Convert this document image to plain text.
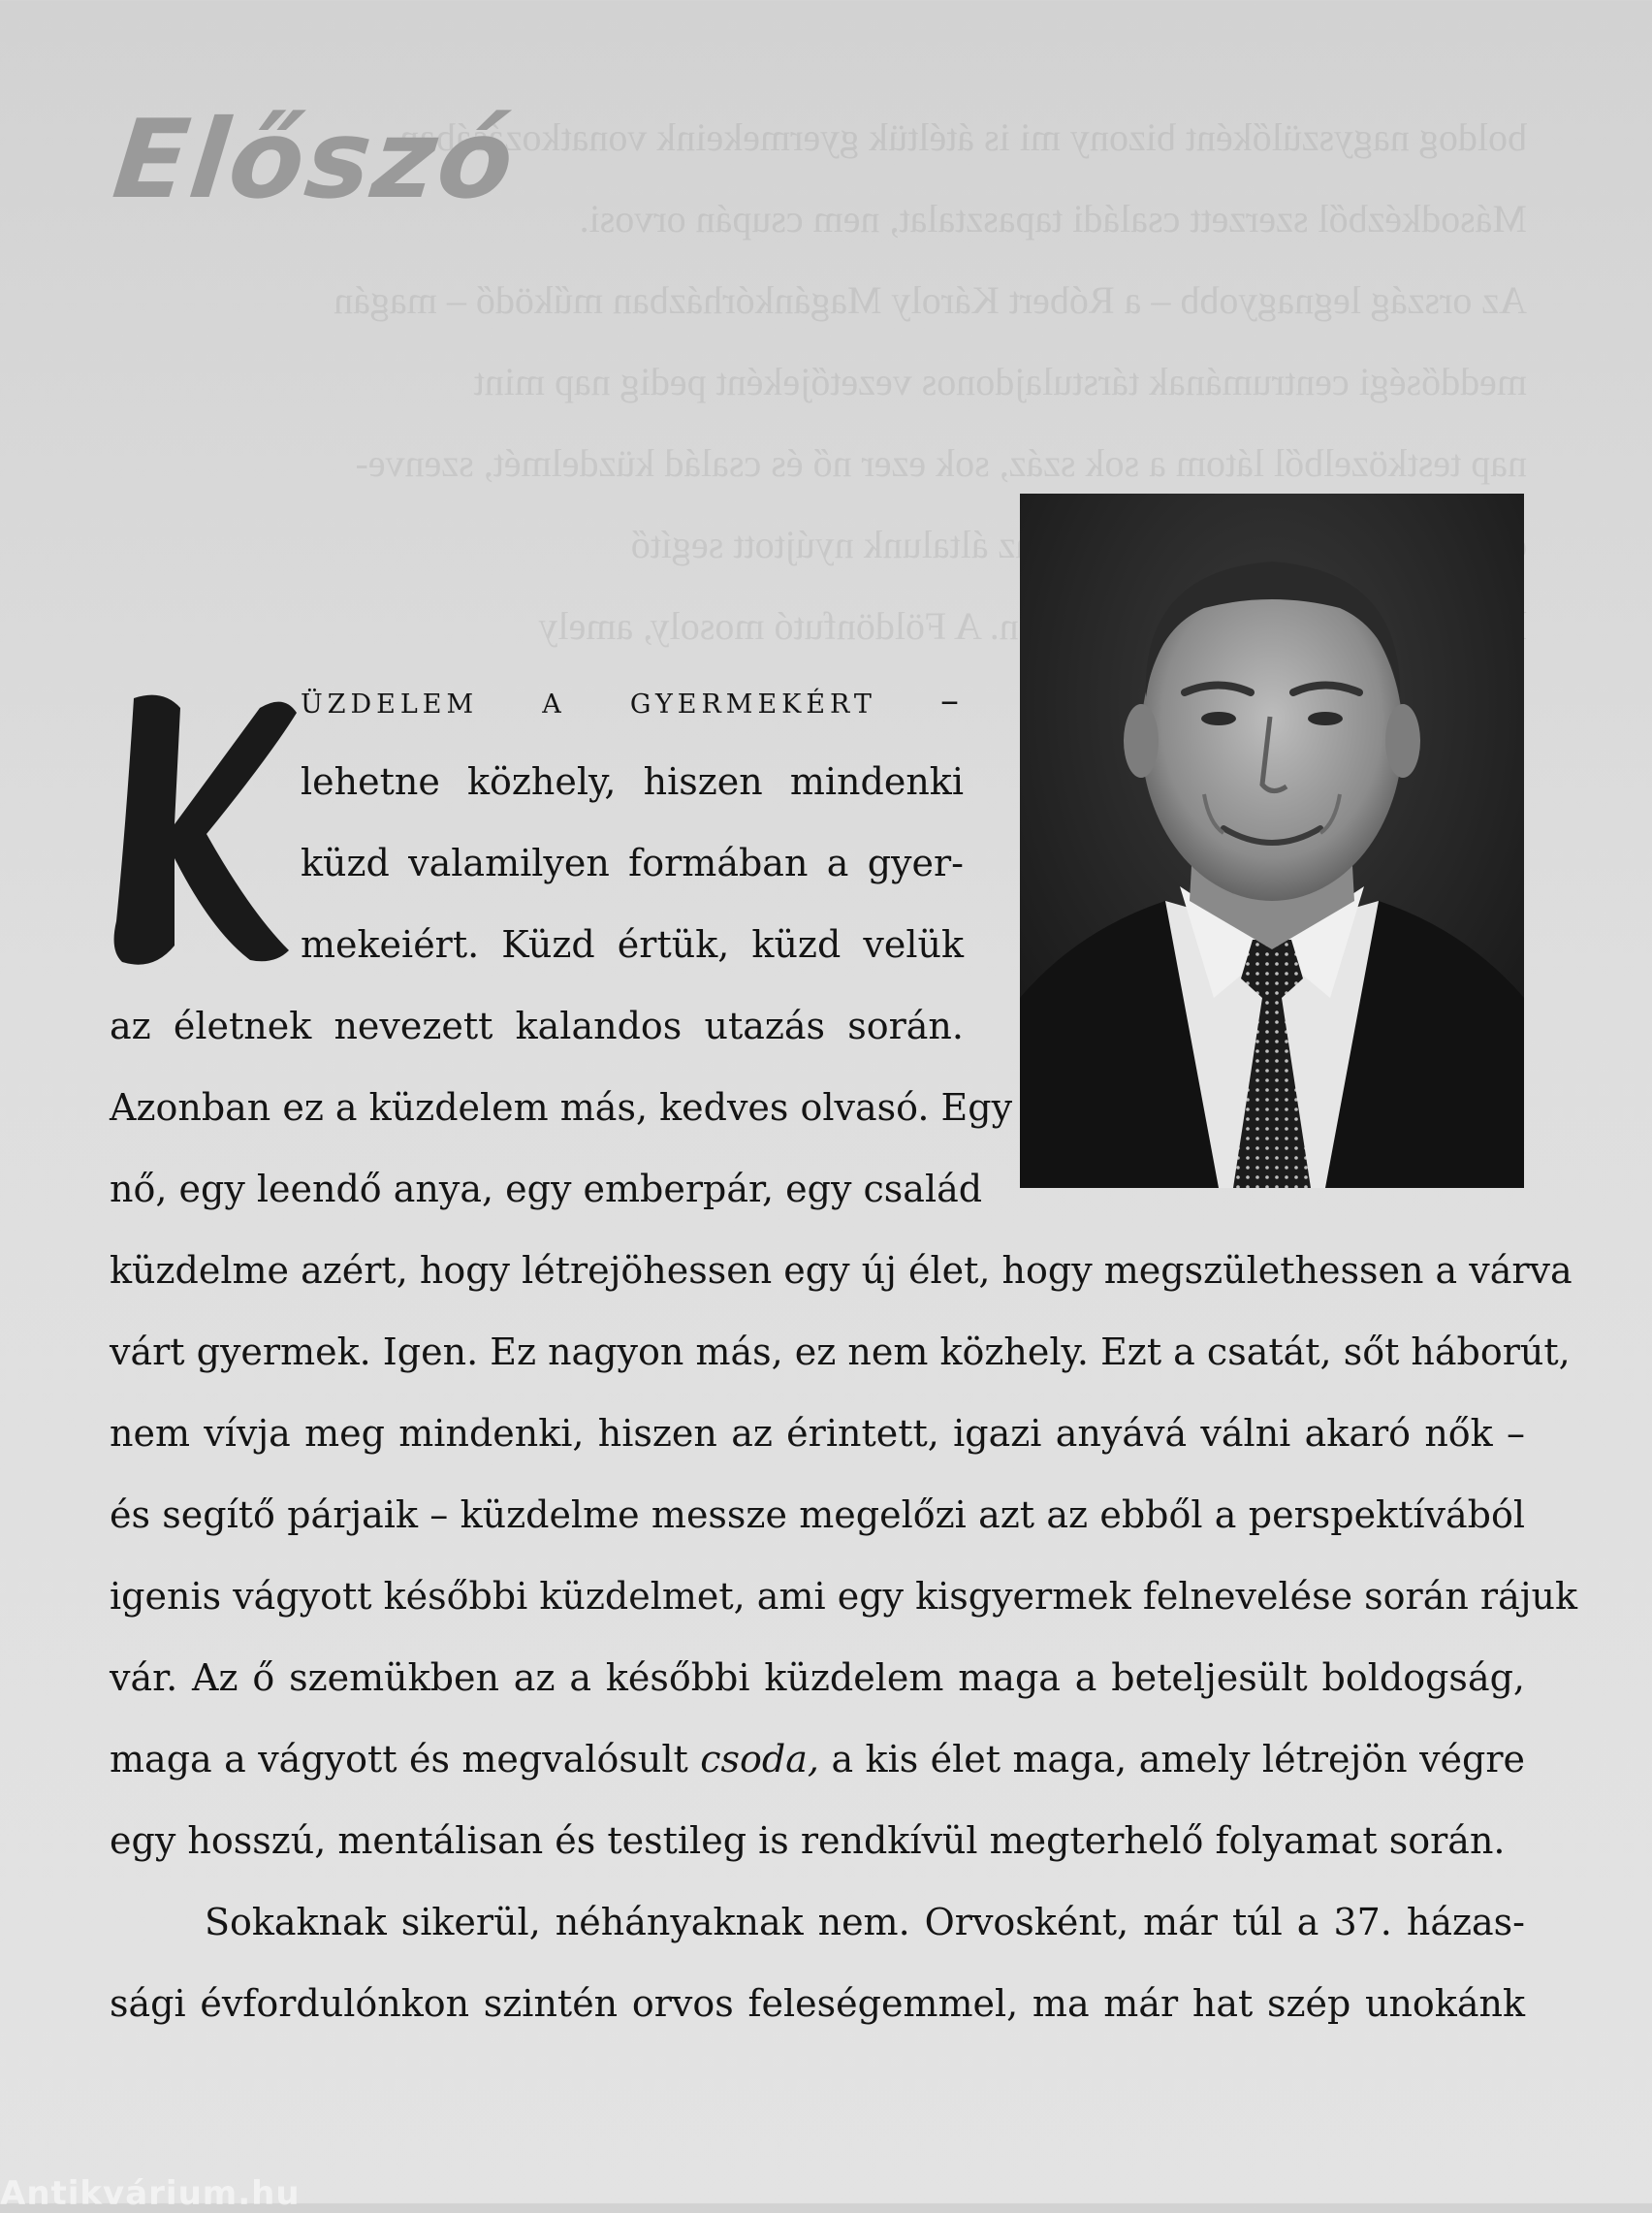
boldog nagyszülőként bizony mi is átéltük gyermekeink vonatkozásában.
Másodkézből szerzett családi tapasztalat, nem csupán orvosi.
Az ország legnagyobb – a Róbert Károly Magánkórházban működő – magán
meddőségi centrumának társtulajdonos vezetőjeként pedig nap mint
nap testközelből látom a sok száz, sok ezer nő és család küzdelmét, szenve-
az általunk nyújtott segítő
A Földönfutó mosoly, amely
Előszó

üzdelem a gyermekért –

lehetne közhely, hiszen mindenki

küzd valamilyen formában a gyer-

mekeiért. Küzd értük, küzd velük

az életnek nevezett kalandos utazás során.

Azonban ez a küzdelem más, kedves olvasó. Egy

nő, egy leendő anya, egy emberpár, egy család

küzdelme azért, hogy létrejöhessen egy új élet, hogy megszülethessen a várva

várt gyermek. Igen. Ez nagyon más, ez nem közhely. Ezt a csatát, sőt háborút,

nem vívja meg mindenki, hiszen az érintett, igazi anyává válni akaró nők –

és segítő párjaik – küzdelme messze megelőzi azt az ebből a perspektívából

igenis vágyott későbbi küzdelmet, ami egy kisgyermek felnevelése során rájuk

vár. Az ő szemükben az a későbbi küzdelem maga a beteljesült boldogság,

maga a vágyott és megvalósult csoda, a kis élet maga, amely létrejön végre

egy hosszú, mentálisan és testileg is rendkívül megterhelő folyamat során.

Sokaknak sikerül, néhányaknak nem. Orvosként, már túl a 37. házas-

sági évfordulónkon szintén orvos feleségemmel, ma már hat szép unokánk

Antikvárium.hu
